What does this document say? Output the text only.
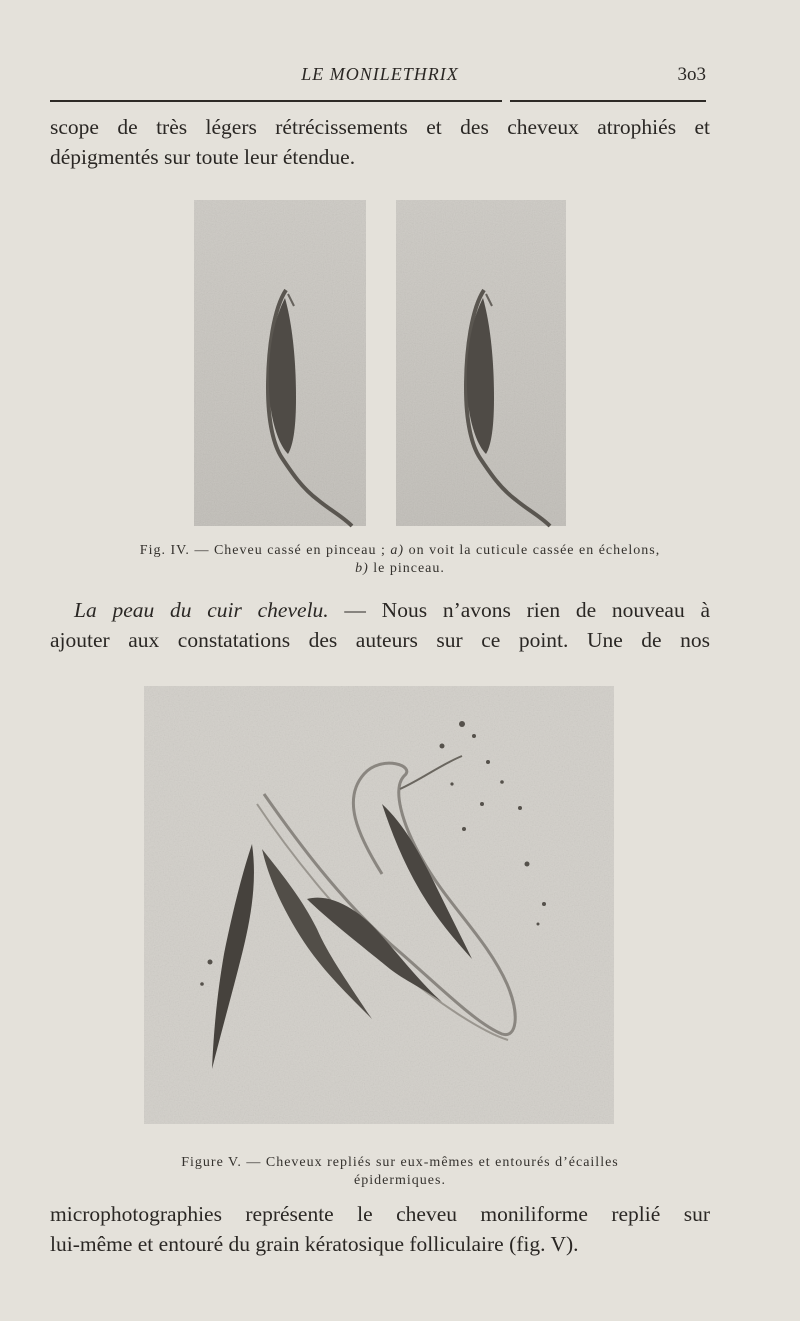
LE MONILETHRIX	3o3
scope de très légers rétrécissements et des cheveux atrophiés et
dépigmentés sur toute leur étendue.
Fig. IV. — Cheveu cassé en pinceau ; a) on voit la cuticule cassée en échelons,
b) le pinceau.
La peau du cuir chevelu. — Nous n’avons rien de nouveau à
ajouter aux constatations des auteurs sur ce point. Une de nos
Figure V. — Cheveux repliés sur eux-mêmes et entourés d’écailles
épidermiques.
microphotographies représente le cheveu moniliforme replié sur
lui-même et entouré du grain kératosique folliculaire (fig. V).
